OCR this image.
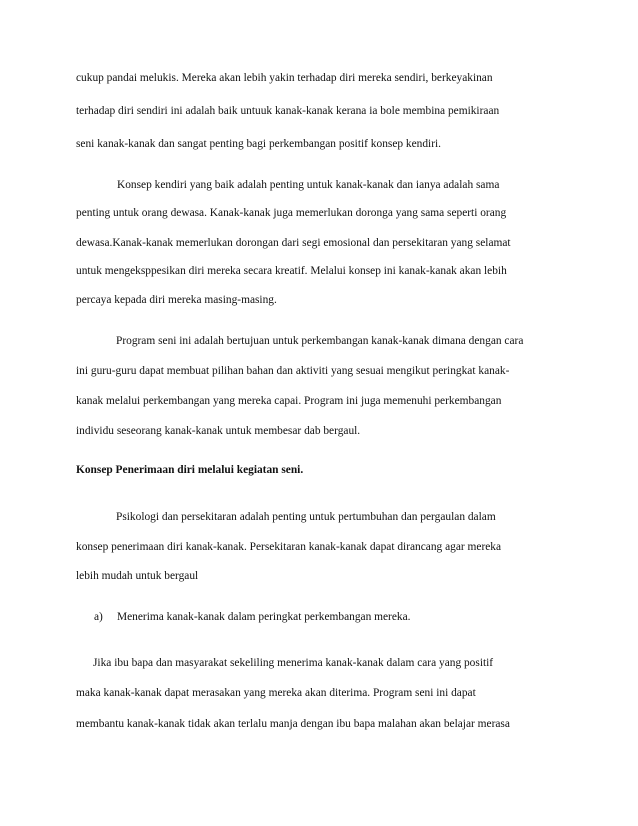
cukup pandai melukis. Mereka akan lebih yakin terhadap diri mereka sendiri, berkeyakinan
terhadap diri sendiri ini adalah baik untuuk kanak-kanak kerana ia bole membina pemikiraan
seni kanak-kanak dan sangat penting bagi perkembangan positif konsep kendiri.
Konsep kendiri yang baik adalah penting untuk kanak-kanak dan ianya adalah sama
penting untuk orang dewasa. Kanak-kanak juga memerlukan doronga yang sama seperti orang
dewasa.Kanak-kanak memerlukan dorongan dari segi emosional dan persekitaran yang selamat
untuk mengeksppesikan diri mereka secara kreatif. Melalui konsep ini kanak-kanak akan lebih
percaya kepada diri mereka masing-masing.
Program seni ini adalah bertujuan untuk perkembangan kanak-kanak dimana dengan cara
ini guru-guru dapat membuat pilihan bahan dan aktiviti yang sesuai mengikut peringkat kanak-
kanak melalui perkembangan yang mereka capai. Program ini juga memenuhi perkembangan
individu seseorang kanak-kanak untuk membesar dab bergaul.
Konsep Penerimaan diri melalui kegiatan seni.
Psikologi dan persekitaran adalah penting untuk pertumbuhan dan pergaulan dalam
konsep penerimaan diri kanak-kanak. Persekitaran kanak-kanak dapat dirancang agar mereka
lebih mudah untuk bergaul
a) Menerima kanak-kanak dalam peringkat perkembangan mereka.
Jika ibu bapa dan masyarakat sekeliling menerima kanak-kanak dalam cara yang positif
maka kanak-kanak dapat merasakan yang mereka akan diterima. Program seni ini dapat
membantu kanak-kanak tidak akan terlalu manja dengan ibu bapa malahan akan belajar merasa
